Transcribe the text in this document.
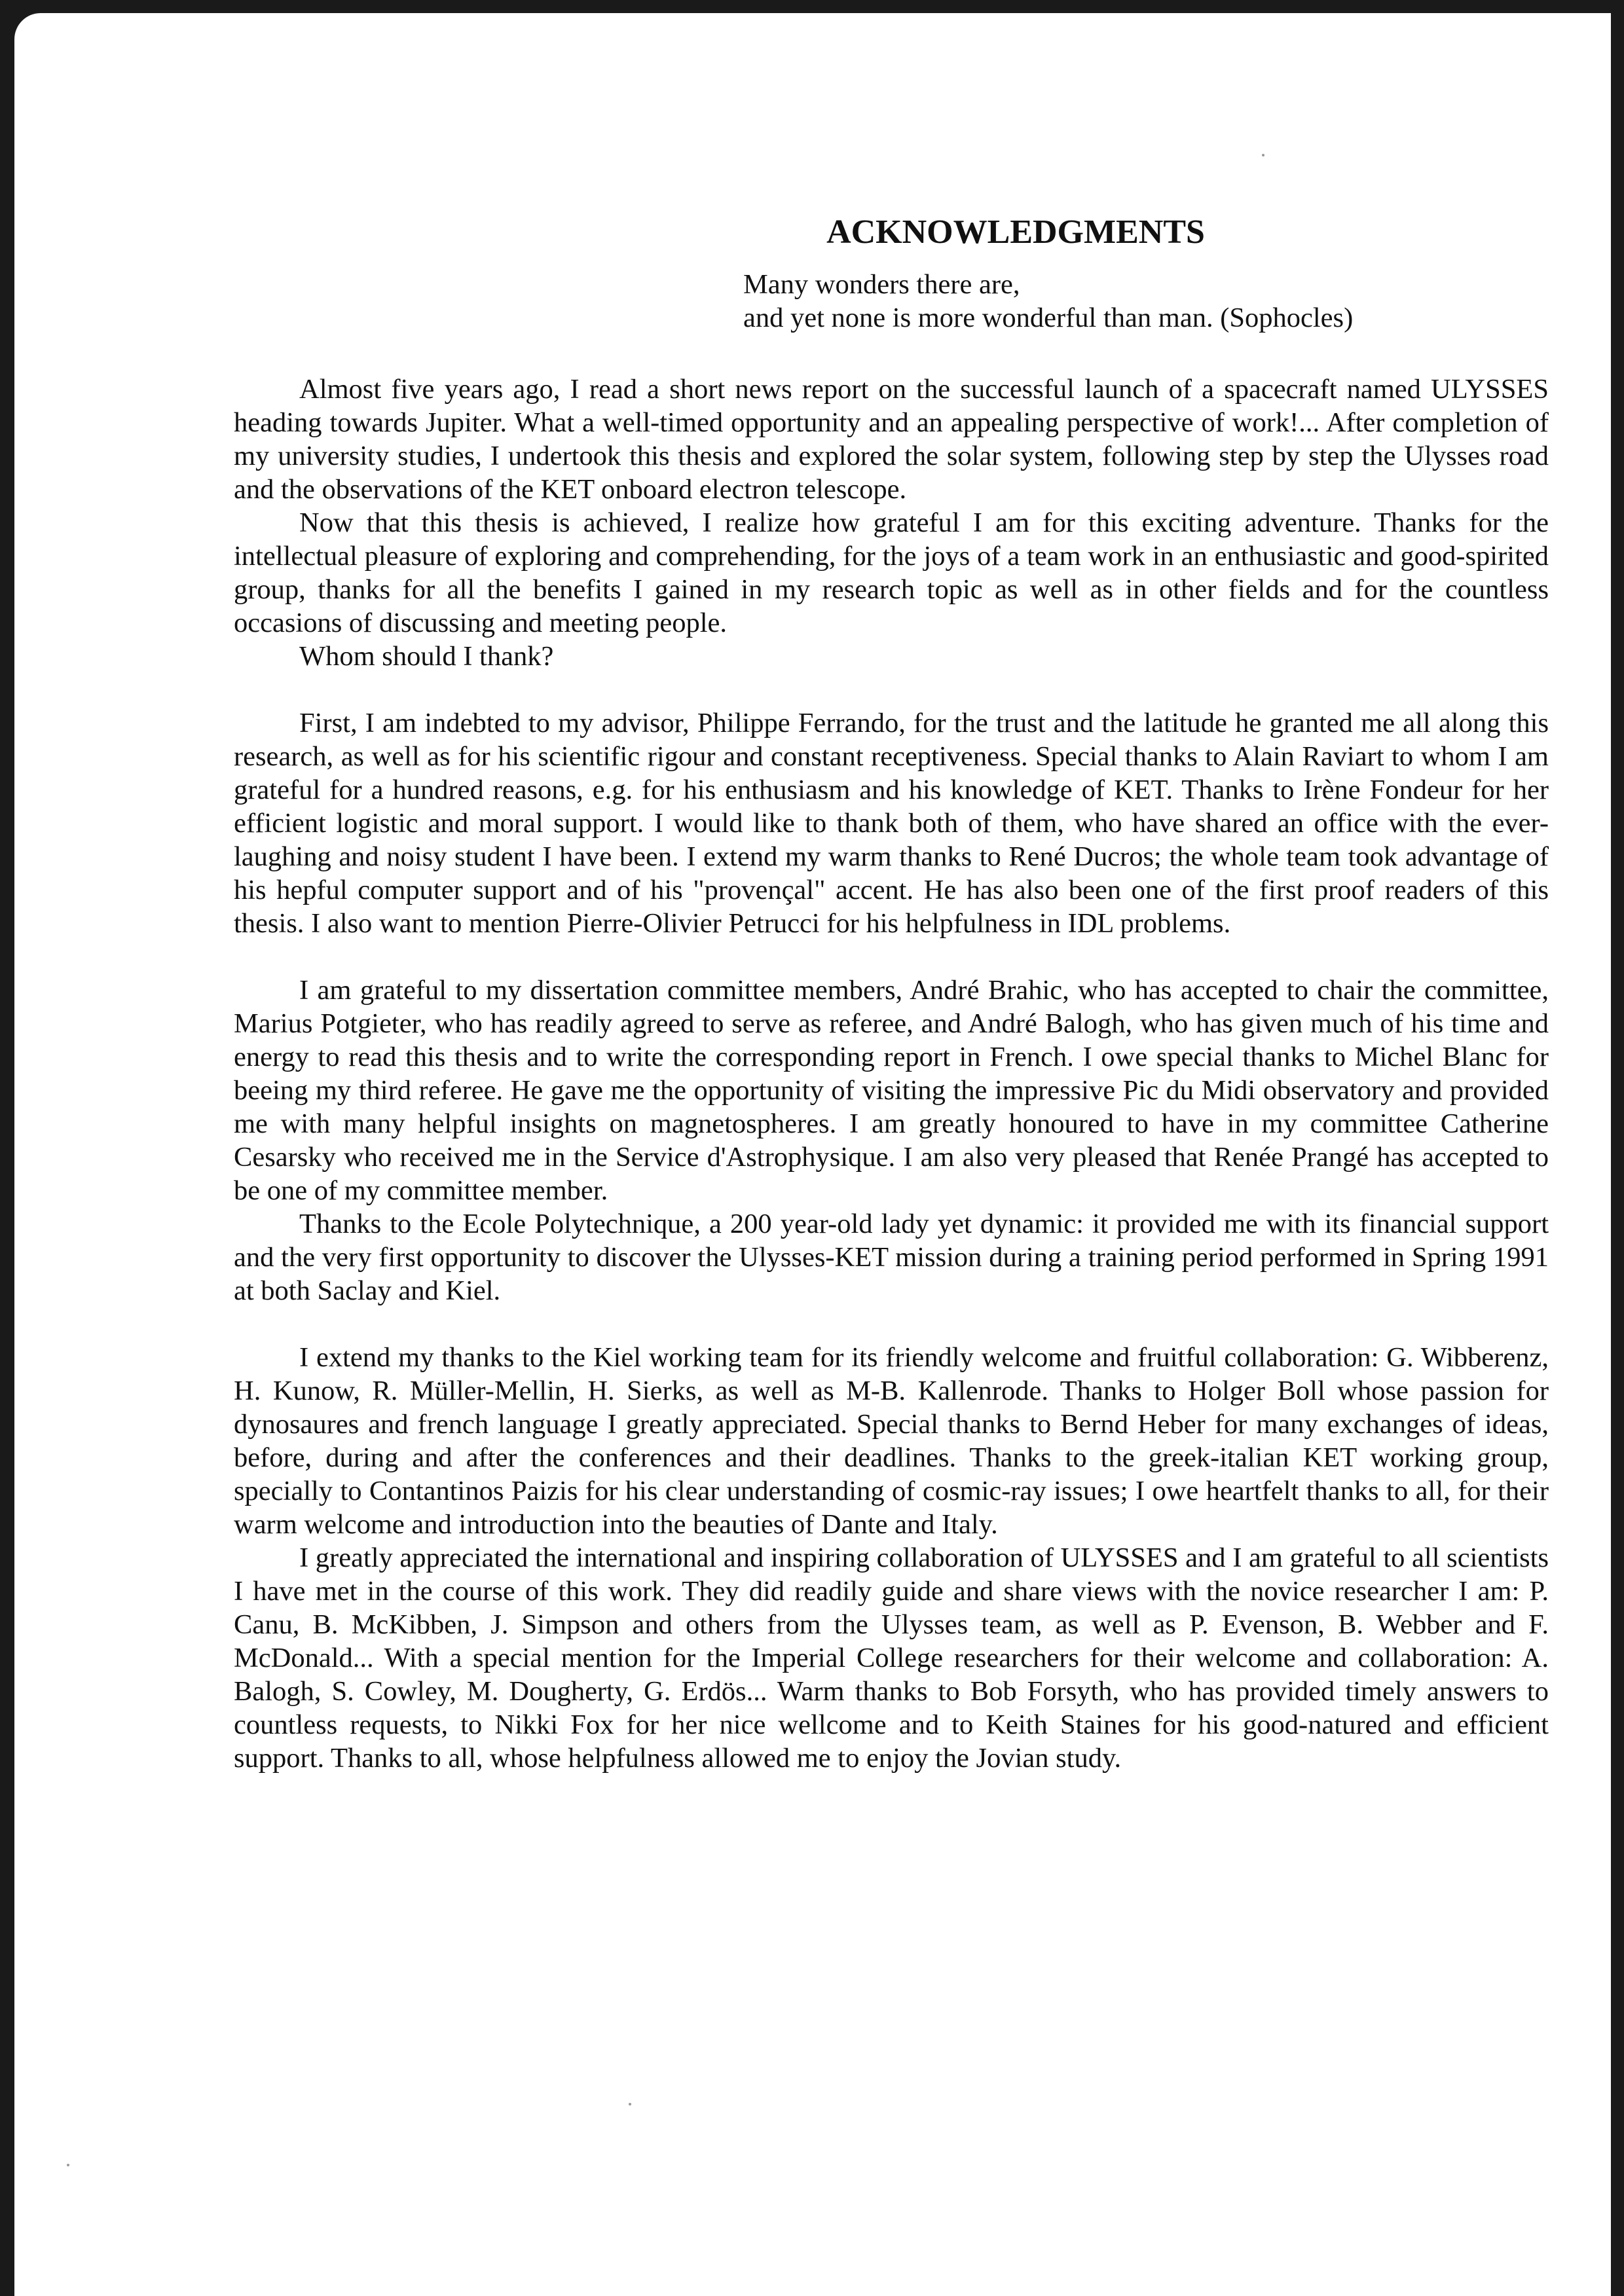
ACKNOWLEDGMENTS
Many wonders there are,
and yet none is more wonderful than man. (Sophocles)

Almost five years ago, I read a short news report on the successful launch of a spacecraft named ULYSSES heading towards Jupiter. What a well-timed opportunity and an appealing perspective of work!... After completion of my university studies, I undertook this thesis and explored the solar system, following step by step the Ulysses road and the observations of the KET onboard electron telescope.

Now that this thesis is achieved, I realize how grateful I am for this exciting adventure. Thanks for the intellectual pleasure of exploring and comprehending, for the joys of a team work in an enthusiastic and good-spirited group, thanks for all the benefits I gained in my research topic as well as in other fields and for the countless occasions of discussing and meeting people.

Whom should I thank?

First, I am indebted to my advisor, Philippe Ferrando, for the trust and the latitude he granted me all along this research, as well as for his scientific rigour and constant receptiveness. Special thanks to Alain Raviart to whom I am grateful for a hundred reasons, e.g. for his enthusiasm and his knowledge of KET. Thanks to Irène Fondeur for her efficient logistic and moral support. I would like to thank both of them, who have shared an office with the ever-laughing and noisy student I have been. I extend my warm thanks to René Ducros; the whole team took advantage of his hepful computer support and of his "provençal" accent. He has also been one of the first proof readers of this thesis. I also want to mention Pierre-Olivier Petrucci for his helpfulness in IDL problems.

I am grateful to my dissertation committee members, André Brahic, who has accepted to chair the committee, Marius Potgieter, who has readily agreed to serve as referee, and André Balogh, who has given much of his time and energy to read this thesis and to write the corresponding report in French. I owe special thanks to Michel Blanc for beeing my third referee. He gave me the opportunity of visiting the impressive Pic du Midi observatory and provided me with many helpful insights on magnetospheres. I am greatly honoured to have in my committee Catherine Cesarsky who received me in the Service d'Astrophysique. I am also very pleased that Renée Prangé has accepted to be one of my committee member.

Thanks to the Ecole Polytechnique, a 200 year-old lady yet dynamic: it provided me with its financial support and the very first opportunity to discover the Ulysses-KET mission during a training period performed in Spring 1991 at both Saclay and Kiel.

I extend my thanks to the Kiel working team for its friendly welcome and fruitful collaboration: G. Wibberenz, H. Kunow, R. Müller-Mellin, H. Sierks, as well as M-B. Kallenrode. Thanks to Holger Boll whose passion for dynosaures and french language I greatly appreciated. Special thanks to Bernd Heber for many exchanges of ideas, before, during and after the conferences and their deadlines. Thanks to the greek-italian KET working group, specially to Contantinos Paizis for his clear understanding of cosmic-ray issues; I owe heartfelt thanks to all, for their warm welcome and introduction into the beauties of Dante and Italy.

I greatly appreciated the international and inspiring collaboration of ULYSSES and I am grateful to all scientists I have met in the course of this work. They did readily guide and share views with the novice researcher I am: P. Canu, B. McKibben, J. Simpson and others from the Ulysses team, as well as P. Evenson, B. Webber and F. McDonald... With a special mention for the Imperial College researchers for their welcome and collaboration: A. Balogh, S. Cowley, M. Dougherty, G. Erdös... Warm thanks to Bob Forsyth, who has provided timely answers to countless requests, to Nikki Fox for her nice wellcome and to Keith Staines for his good-natured and efficient support. Thanks to all, whose helpfulness allowed me to enjoy the Jovian study.
